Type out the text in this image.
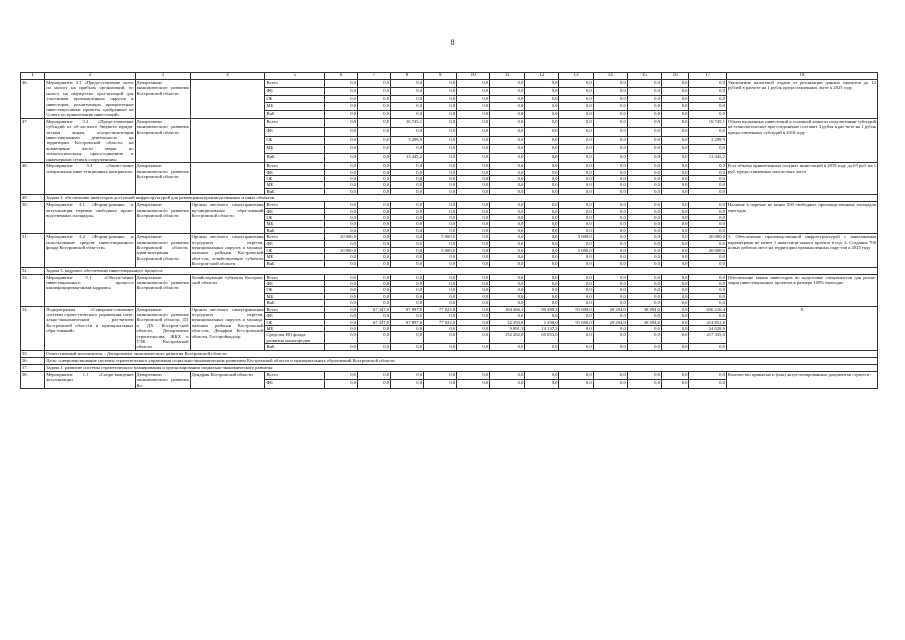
8
1	2	3	4	5	6	7	8	9	10	11	12	13	14	15	16	17	18
46.	Мероприятие 3.1 «Предо-ставление льгот по налогу на прибыль организаций, по налогу на имущество орга-низаций для участников промышленных округов и инвесторов, реализующих приоритетные инвестици-онные проекты, одобренные на Совете по привлечению инвестиций»	Департамент экономического развития Костромской области		Всего	0,0	0,0	0,0	0,0	0,0	0,0	0,0	0,0	0,0	0,0	0,0	0,0	Увеличение налоговой отдачи от реализации данных проектов до 12 рублей в расчете на 1 рубль предоставленных льгот к 2025 году
				ФБ	0,0	0,0	0,0	0,0	0,0	0,0	0,0	0,0	0,0	0,0	0,0	0,0	
				ОБ	0,0	0,0	0,0	0,0	0,0	0,0	0,0	0,0	0,0	0,0	0,0	0,0	
				МБ	0,0	0,0	0,0	0,0	0,0	0,0	0,0	0,0	0,0	0,0	0,0	0,0	
				ВнБ	0,0	0,0	0,0	0,0	0,0	0,0	0,0	0,0	0,0	0,0	0,0	0,0	
47.	Мероприятие 3.2 «Предо-ставление субсидий из об-ластного бюджета юриди-ческим лицам, осуществля-ющим инвестиционную деятельность на территории Костромской области, на возмещение части затрат по технологическому присо-единению к инженерным сетям и сооружениям»	Департамент экономического развития Костромской области		Всего	0,0	0,0	16 745,1	0,0	0,0	0,0	0,0	0,0	0,0	0,0	0,0	16 745,1	Объем вложенных инвестиций в основной капитал получателями субсидий на технологическое при-соединение составит 3 рубля в рас-чете на 1 рубль предоставленных субсидий в 2018 году
				ФБ	0,0	0,0	0,0	0,0	0,0	0,0	0,0	0,0	0,0	0,0	0,0	0,0	
				ОБ	0,0	0,0	3 299,9	0,0	0,0	0,0	0,0	0,0	0,0	0,0	0,0	3 299,9	
				МБ	0,0	0,0	0,0	0,0	0,0	0,0	0,0	0,0	0,0	0,0	0,0	0,0	
				ВнБ	0,0	0,0	13 445,2	0,0	0,0	0,0	0,0	0,0	0,0	0,0	0,0	13 445,2	
48.	Мероприятие 3.3 «Заклю-чение специальных инве-стиционных контрактов»	Департамент экономического развития Костромской области		Всего	0,0	0,0	0,0	0,0	0,0	0,0	0,0	0,0	0,0	0,0	0,0	0,0	Рост объема привлеченных частных инвестиций в 2019 году до 65 руб. на 1 руб. предоставленных налого-вых льгот
				ФБ	0,0	0,0	0,0	0,0	0,0	0,0	0,0	0,0	0,0	0,0	0,0	0,0	
				ОБ	0,0	0,0	0,0	0,0	0,0	0,0	0,0	0,0	0,0	0,0	0,0	0,0	
				МБ	0,0	0,0	0,0	0,0	0,0	0,0	0,0	0,0	0,0	0,0	0,0	0,0	
				ВнБ	0,0	0,0	0,0	0,0	0,0	0,0	0,0	0,0	0,0	0,0	0,0	0,0	
49.	Задача 4. обеспечение инвесторов доступной инфраструктурой для размещения производственных и иных объектов																
50.	Мероприятие 4.1 «Форми-рование и актуализация перечня свободных произ-водственных площадок»	Департамент экономического развития Костромской области	Органы местного самоуправления му-ниципальных обра-зований Костромской области	Всего	0,0	0,0	0,0	0,0	0,0	0,0	0,0	0,0	0,0	0,0	0,0	0,0	Наличие в перечне не менее 350 свободных производственных площадок ежегодно
				ФБ	0,0	0,0	0,0	0,0	0,0	0,0	0,0	0,0	0,0	0,0	0,0	0,0	
				ОБ	0,0	0,0	0,0	0,0	0,0	0,0	0,0	0,0	0,0	0,0	0,0	0,0	
				МБ	0,0	0,0	0,0	0,0	0,0	0,0	0,0	0,0	0,0	0,0	0,0	0,0	
				ВнБ	0,0	0,0	0,0	0,0	0,0	0,0	0,0	0,0	0,0	0,0	0,0	0,0	
51.	Мероприятие 4.2 «Форми-рование и использование средств инвестиционного фонда Костромской обла-сти»	Департамент экономического развития Костромской области, адми-нистрация Костромской области	Органы местного самоуправления го-родских округов, муниципальных округов и муници-пальных районов Костромской обла-сти, хозяйствующие субъекты Костром-ской области	Всего	10 000,0	0,0	0,0	5 000,0	0,0	0,0	0,0	5 000,0	0,0	0,0	0,0	20 000,0	1. Обеспечение производственной инфраструктурой с заявленными параметрами не менее 1 инвестици-онного проекта в год. 2. Создание 700 новых рабочих мест на территории промышленных окру-гов к 2025 году
				ФБ	0,0	0,0	0,0	0,0	0,0	0,0	0,0	0,0	0,0	0,0	0,0	0,0	
				ОБ	10 000,0	0,0	0,0	5 000,0	0,0	0,0	0,0	5 000,0	0,0	0,0	0,0	20 000,0	
				МБ	0,0	0,0	0,0	0,0	0,0	0,0	0,0	0,0	0,0	0,0	0,0	0,0	
				ВнБ	0,0	0,0	0,0	0,0	0,0	0,0	0,0	0,0	0,0	0,0	0,0	0,0	
52.	Задача 5. кадровое обеспечение инвестиционного процесса																
53.	Мероприятие 5.1 «Обеспе-чение инвестиционного процесса квалифицирован-ными кадрами»	Департамент экономического развития Костромской области	Хозяйствующие субъекты Костром-ской области	Всего	0,0	0,0	0,0	0,0	0,0	0,0	0,0	0,0	0,0	0,0	0,0	0,0	Обеспечение заявок инвесторов по подготовке специалистов для реали-зации инвестиционных проектов в размере 100% ежегодно
				ФБ	0,0	0,0	0,0	0,0	0,0	0,0	0,0	0,0	0,0	0,0	0,0	0,0	
				ОБ	0,0	0,0	0,0	0,0	0,0	0,0	0,0	0,0	0,0	0,0	0,0	0,0	
				МБ	0,0	0,0	0,0	0,0	0,0	0,0	0,0	0,0	0,0	0,0	0,0	0,0	
				ВнБ	0,0	0,0	0,0	0,0	0,0	0,0	0,0	0,0	0,0	0,0	0,0	0,0	
54.	Подпрограмма «Совершен-ствование системы страте-гического управления соци-ально-экономическим раз-витием Костромской обла-сти и муниципальных обра-зований»	Департамент экономического развития Костромской области, ДТ и ДХ Костром-ской области, Департамент строительства, ЖКХ и ТЭК Костромской области	Органы местного самоуправления го-родских округов, муниципальных округов и муници-пальных районов Костромской обла-сти, Дендфин Ко-стромской области, Госстройнадзор	Всего	0,0	67 347,0	87 897,0	77 022,0	0,0	184 466,1	80 488,3	91 608,0	29 294,0	38 094,0	0,0	656 216,4	Х
				ФБ	0,0	0,0	0,0	0,0	0,0	0,0	0,0	0,0	0,0	0,0	0,0	0,0	
				ОБ	0,0	67 347,0	87 897,0	77 022,0	0,0	22 293,8	1 298,0	91 608,0	29 294,0	38 094,0	0,0	414 852,8	
				МБ	0,0	0,0	0,0	0,0	0,0	9 891,3	14 137,3	0,0	0,0	0,0	0,0	24 028,6	
				Средства НО фонда развития моногородов	0,0	0,0	0,0	0,0	0,0	152 282,0	65 053,0	0,0	0,0	0,0	0,0	217 335,0	
				ВнБ	0,0	0,0	0,0	0,0	0,0	0,0	0,0	0,0	0,0	0,0	0,0	0,0	
55.	Ответственный исполнитель – Департамент экономического развития Костромской области																
56.	Цель: совершенствование системы стратегического управления социально-экономическим развитием Костромской области и муниципальных образований Костромской области																
57.	Задача 1. развитие системы стратегического планирования и прогнозирования социально-экономического развития																
58.	Мероприятие 1.1 «Сопро-вождение актуализации	Департамент экономического развития Ко-	Дендфин Костромской области	Всего	0,0	0,0	0,0	0,0	0,0	0,0	0,0	0,0	0,0	0,0	0,0	0,0	Количество принятых и (или) актуа-лизированных документов стратеги-
				ФБ	0,0	0,0	0,0	0,0	0,0	0,0	0,0	0,0	0,0	0,0	0,0	0,0	
